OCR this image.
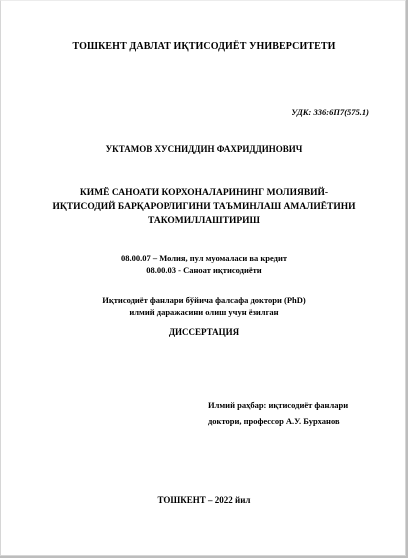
ТОШКЕНТ ДАВЛАТ ИҚТИСОДИЁТ УНИВЕРСИТЕТИ
УДК: 336:6П7(575.1)
УКТАМОВ ХУСНИДДИН ФАХРИДДИНОВИЧ
КИМЁ САНОАТИ КОРХОНАЛАРИНИНГ МОЛИЯВИЙ-
ИҚТИСОДИЙ БАРҚАРОРЛИГИНИ ТАЪМИНЛАШ АМАЛИЁТИНИ
ТАКОМИЛЛАШТИРИШ
08.00.07 – Молия, пул муомаласи ва кредит
08.00.03 - Саноат иқтисодиёти
Иқтисодиёт фанлари бўйича фалсафа доктори (PhD)
илмий даражасини олиш учун ёзилган
ДИССЕРТАЦИЯ
Илмий раҳбар: иқтисодиёт фанлари
доктори, профессор А.У. Бурханов
ТОШКЕНТ – 2022 йил
